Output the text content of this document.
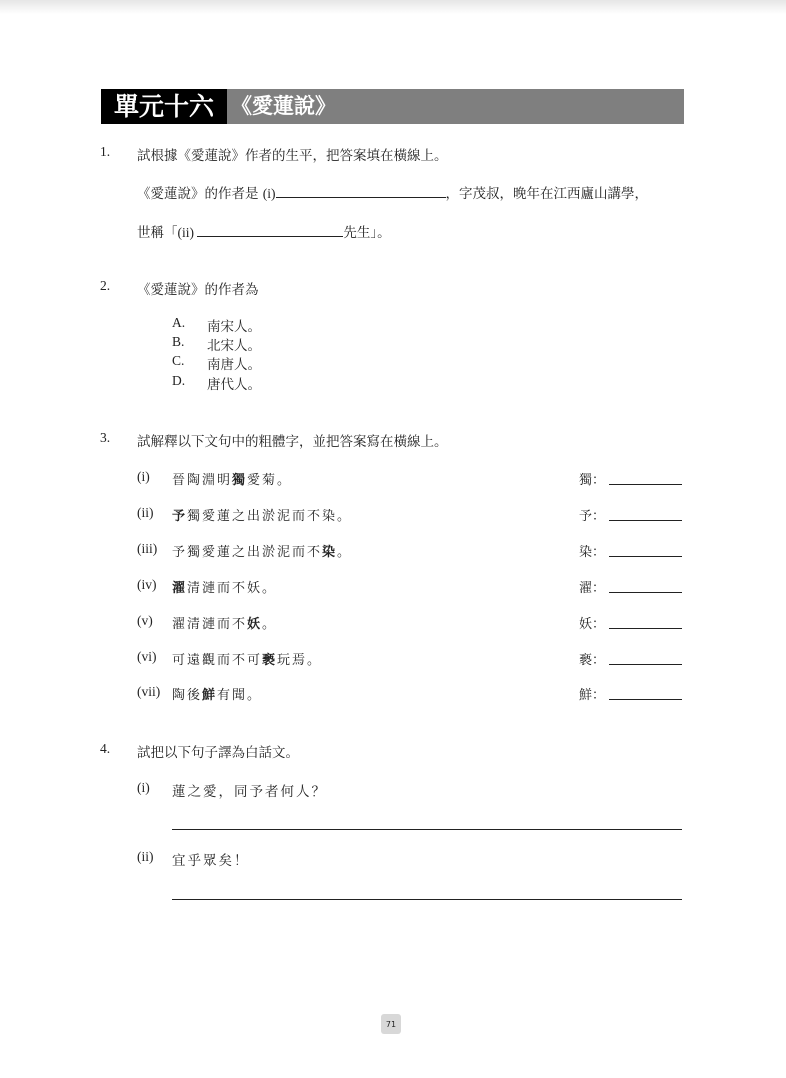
單元十六 《愛蓮說》
1. 試根據《愛蓮說》作者的生平，把答案填在橫線上。
《愛蓮說》的作者是 (i)	，字茂叔，晚年在江西廬山講學，
世稱「(ii)	先生」。
2. 《愛蓮說》的作者為
A. 南宋人。
B. 北宋人。
C. 南唐人。
D. 唐代人。
3. 試解釋以下文句中的粗體字，並把答案寫在橫線上。
(i) 晉陶淵明獨愛菊。	獨：
(ii) 予獨愛蓮之出淤泥而不染。	予：
(iii) 予獨愛蓮之出淤泥而不染。	染：
(iv) 濯清漣而不妖。	濯：
(v) 濯清漣而不妖。	妖：
(vi) 可遠觀而不可褻玩焉。	褻：
(vii) 陶後鮮有聞。	鮮：
4. 試把以下句子譯為白話文。
(i) 蓮之愛，同予者何人？
(ii) 宜乎眾矣！
71
